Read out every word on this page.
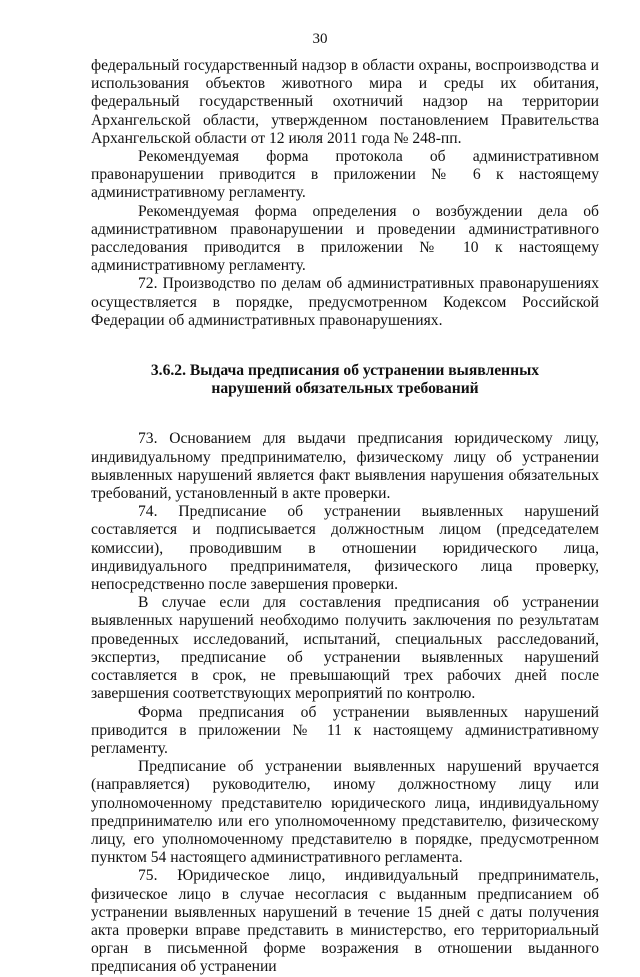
30

федеральный государственный надзор в области охраны, воспроизводства и использования объектов животного мира и среды их обитания, федеральный государственный охотничий надзор на территории Архангельской области, утвержденном постановлением Правительства Архангельской области от 12 июля 2011 года № 248-пп.

Рекомендуемая форма протокола об административном правонарушении приводится в приложении № 6 к настоящему административному регламенту.

Рекомендуемая форма определения о возбуждении дела об административном правонарушении и проведении административного расследования приводится в приложении № 10 к настоящему административному регламенту.

72. Производство по делам об административных правонарушениях осуществляется в порядке, предусмотренном Кодексом Российской Федерации об административных правонарушениях.

3.6.2. Выдача предписания об устранении выявленных
нарушений обязательных требований

73. Основанием для выдачи предписания юридическому лицу, индивидуальному предпринимателю, физическому лицу об устранении выявленных нарушений является факт выявления нарушения обязательных требований, установленный в акте проверки.

74. Предписание об устранении выявленных нарушений составляется и подписывается должностным лицом (председателем комиссии), проводившим в отношении юридического лица, индивидуального предпринимателя, физического лица проверку, непосредственно после завершения проверки.

В случае если для составления предписания об устранении выявленных нарушений необходимо получить заключения по результатам проведенных исследований, испытаний, специальных расследований, экспертиз, предписание об устранении выявленных нарушений составляется в срок, не превышающий трех рабочих дней после завершения соответствующих мероприятий по контролю.

Форма предписания об устранении выявленных нарушений приводится в приложении № 11 к настоящему административному регламенту.

Предписание об устранении выявленных нарушений вручается (направляется) руководителю, иному должностному лицу или уполномоченному представителю юридического лица, индивидуальному предпринимателю или его уполномоченному представителю, физическому лицу, его уполномоченному представителю в порядке, предусмотренном пунктом 54 настоящего административного регламента.

75. Юридическое лицо, индивидуальный предприниматель, физическое лицо в случае несогласия с выданным предписанием об устранении выявленных нарушений в течение 15 дней с даты получения акта проверки вправе представить в министерство, его территориальный орган в письменной форме возражения в отношении выданного предписания об устранении
